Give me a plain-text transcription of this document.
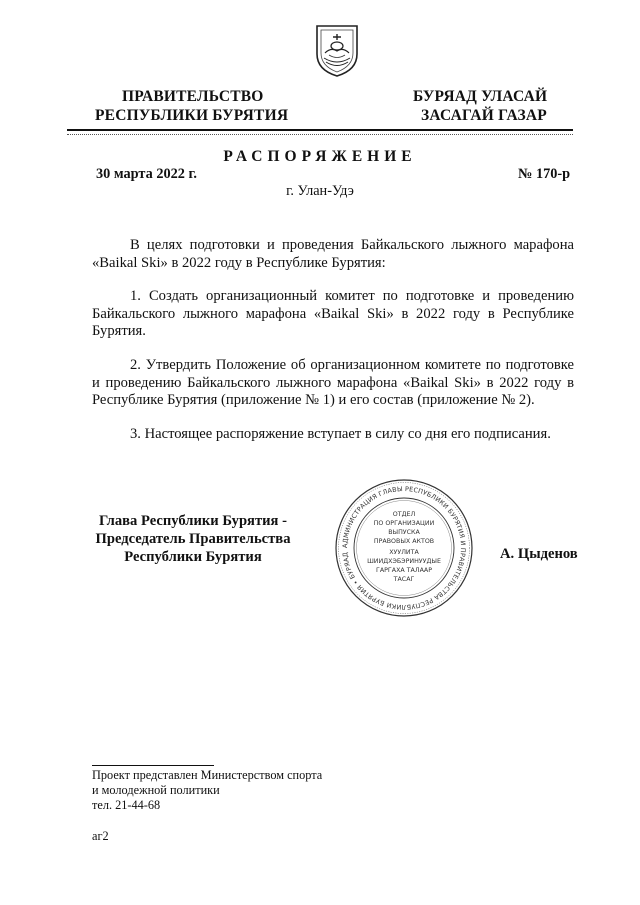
ПРАВИТЕЛЬСТВО
РЕСПУБЛИКИ БУРЯТИЯ
БУРЯАД УЛАСАЙ
ЗАСАГАЙ ГАЗАР
РАСПОРЯЖЕНИЕ
30 марта 2022 г.	№ 170-р
г. Улан-Удэ
В целях подготовки и проведения Байкальского лыжного марафона «Baikal Ski» в 2022 году в Республике Бурятия:
1. Создать организационный комитет по подготовке и проведению Байкальского лыжного марафона «Baikal Ski» в 2022 году в Республике Бурятия.
2. Утвердить Положение об организационном комитете по подготовке и проведению Байкальского лыжного марафона «Baikal Ski» в 2022 году в Республике Бурятия (приложение № 1) и его состав (приложение № 2).
3. Настоящее распоряжение вступает в силу со дня его подписания.
Глава Республики Бурятия -
Председатель Правительства
Республики Бурятия	А. Цыденов
АДМИНИСТРАЦИЯ ГЛАВЫ РЕСПУБЛИКИ БУРЯТИЯ И ПРАВИТЕЛЬСТВА РЕСПУБЛИКИ БУРЯТИЯ • БУРЯАД
ОТДЕЛ
ПО ОРГАНИЗАЦИИ
ВЫПУСКА
ПРАВОВЫХ АКТОВ
ХУУЛИТА
ШИИДХЭБЭРИНУУДЫЕ
ГАРГАХА ТАЛААР
ТАСАГ
Проект представлен Министерством спорта
и молодежной политики
тел. 21-44-68
аг2
